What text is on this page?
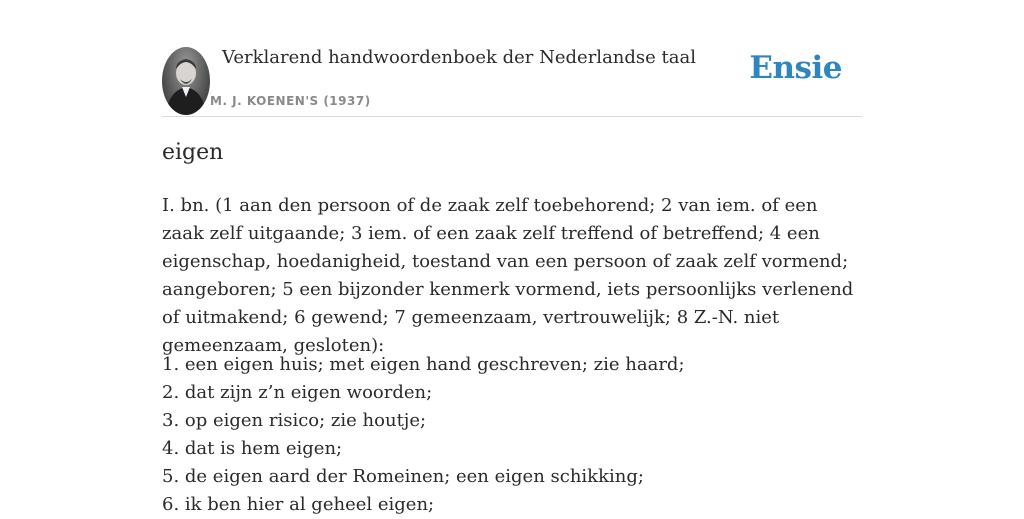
Verklarend handwoordenboek der Nederlandse taal
M. J. KOENEN'S (1937)
Ensie
eigen

I. bn. (1 aan den persoon of de zaak zelf toebehorend; 2 van iem. of een zaak zelf uitgaande; 3 iem. of een zaak zelf treffend of betreffend; 4 een eigenschap, hoedanigheid, toestand van een persoon of zaak zelf vormend; aangeboren; 5 een bijzonder kenmerk vormend, iets persoonlijks verlenend of uitmakend; 6 gewend; 7 gemeenzaam, vertrouwelijk; 8 Z.-N. niet gemeenzaam, gesloten):

1. een eigen huis; met eigen hand geschreven; zie haard;
2. dat zijn z’n eigen woorden;
3. op eigen risico; zie houtje;
4. dat is hem eigen;
5. de eigen aard der Romeinen; een eigen schikking;
6. ik ben hier al geheel eigen;
